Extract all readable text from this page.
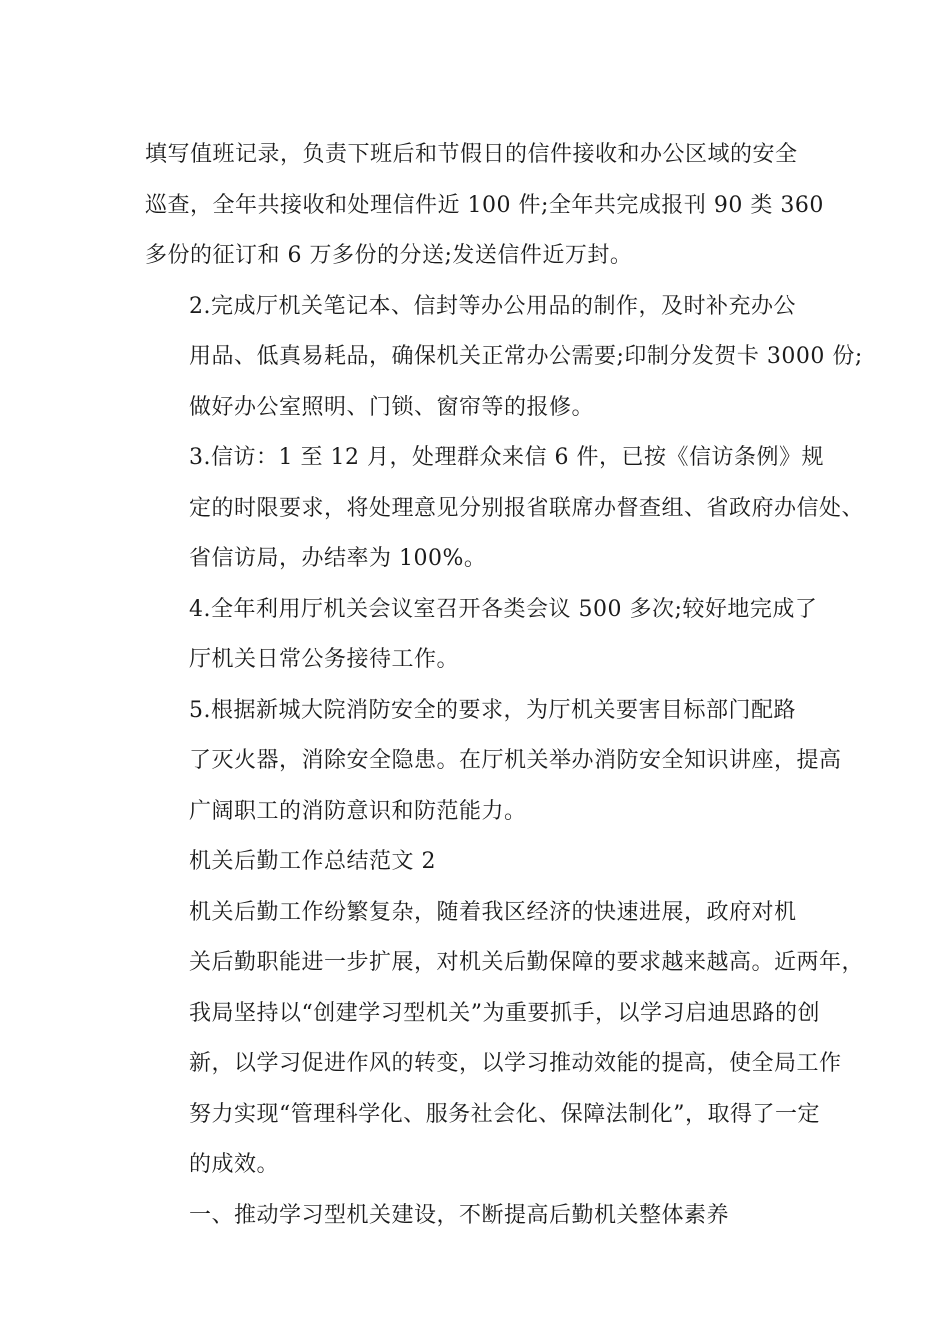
填写值班记录，负责下班后和节假日的信件接收和办公区域的安全
巡查，全年共接收和处理信件近 100 件;全年共完成报刊 90 类 360
多份的征订和 6 万多份的分送;发送信件近万封。

2.完成厅机关笔记本、信封等办公用品的制作，及时补充办公
用品、低真易耗品，确保机关正常办公需要;印制分发贺卡 3000 份;
做好办公室照明、门锁、窗帘等的报修。

3.信访：1 至 12 月，处理群众来信 6 件，已按《信访条例》规
定的时限要求，将处理意见分别报省联席办督查组、省政府办信处、
省信访局，办结率为 100%。

4.全年利用厅机关会议室召开各类会议 500 多次;较好地完成了
厅机关日常公务接待工作。

5.根据新城大院消防安全的要求，为厅机关要害目标部门配路
了灭火器，消除安全隐患。在厅机关举办消防安全知识讲座，提高
广阔职工的消防意识和防范能力。

机关后勤工作总结范文 2

机关后勤工作纷繁复杂，随着我区经济的快速进展，政府对机
关后勤职能进一步扩展，对机关后勤保障的要求越来越高。近两年，
我局坚持以“创建学习型机关”为重要抓手，以学习启迪思路的创
新，以学习促进作风的转变，以学习推动效能的提高，使全局工作
努力实现“管理科学化、服务社会化、保障法制化”，取得了一定
的成效。

一、推动学习型机关建设，不断提高后勤机关整体素养
